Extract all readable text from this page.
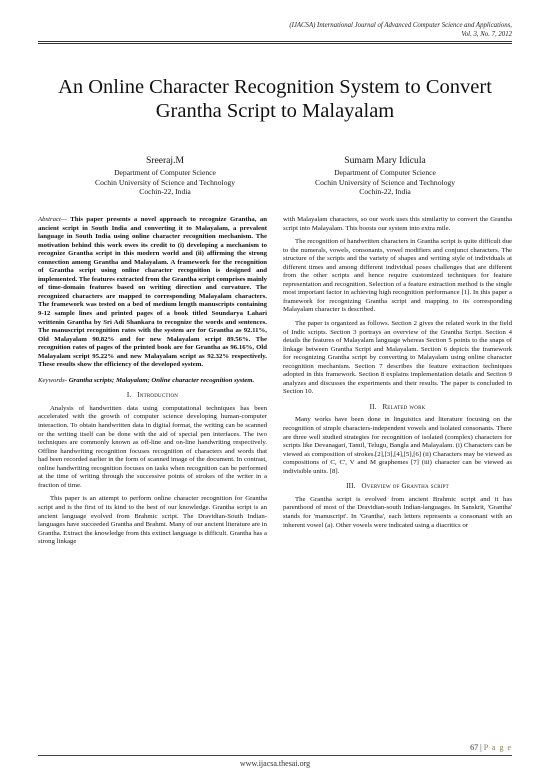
(IJACSA) International Journal of Advanced Computer Science and Applications,
Vol. 3, No. 7, 2012
An Online Character Recognition System to Convert
Grantha Script to Malayalam
Sreeraj.M
Department of Computer Science
Cochin University of Science and Technology
Cochin-22, India
Sumam Mary Idicula
Department of Computer Science
Cochin University of Science and Technology
Cochin-22, India

Abstract— This paper presents a novel approach to recognize Grantha, an ancient script in South India and converting it to Malayalam, a prevalent language in South India using online character recognition mechanism. The motivation behind this work owes its credit to (i) developing a mechanism to recognize Grantha script in this modern world and (ii) affirming the strong connection among Grantha and Malayalam. A framework for the recognition of Grantha script using online character recognition is designed and implemented. The features extracted from the Grantha script comprises mainly of time-domain features based on writing direction and curvature. The recognized characters are mapped to corresponding Malayalam characters. The framework was tested on a bed of medium length manuscripts containing 9-12 sample lines and printed pages of a book titled Soundarya Lahari writtenin Grantha by Sri Adi Shankara to recognize the words and sentences. The manuscript recognition rates with the system are for Grantha as 92.11%, Old Malayalam 90.82% and for new Malayalam script 89.56%. The recognition rates of pages of the printed book are for Grantha as 96.16%, Old Malayalam script 95.22% and new Malayalam script as 92.32% respectively. These results show the efficiency of the developed system.

Keywords- Grantha scripts; Malayalam; Online character recognition system.

I. Introduction

Analysis of handwritten data using computational techniques has been accelerated with the growth of computer science developing human-computer interaction. To obtain handwritten data in digital format, the writing can be scanned or the writing itself can be done with the aid of special pen interfaces. The two techniques are commonly known as off-line and on-line handwriting respectively. Offline handwriting recognition focuses recognition of characters and words that had been recorded earlier in the form of scanned image of the document. In contrast, online handwriting recognition focuses on tasks when recognition can be performed at the time of writing through the successive points of strokes of the writer in a fraction of time.

This paper is an attempt to perform online character recognition for Grantha script and is the first of its kind to the best of our knowledge. Grantha script is an ancient language evolved from Brahmic script. The Dravidian-South Indian-languages have succeeded Grantha and Brahmi. Many of our ancient literature are in Grantha. Extract the knowledge from this extinct language is difficult. Grantha has a strong linkage

with Malayalam characters, so our work uses this similarity to convert the Grantha script into Malayalam. This boosts our system into extra mile.

The recognition of handwritten characters in Grantha script is quite difficult due to the numerals, vowels, consonants, vowel modifiers and conjunct characters. The structure of the scripts and the variety of shapes and writing style of individuals at different times and among different individual poses challenges that are different from the other scripts and hence require customized techniques for feature representation and recognition. Selection of a feature extraction method is the single most important factor in achieving high recognition performance [1]. In this paper a framework for recognizing Grantha script and mapping to its corresponding Malayalam character is described.

The paper is organized as follows. Section 2 gives the related work in the field of Indic scripts. Section 3 portrays an overview of the Grantha Script. Section 4 details the features of Malayalam language whereas Section 5 points to the snaps of linkage between Grantha Script and Malayalam. Section 6 depicts the framework for recognizing Grantha script by converting to Malayalam using online character recognition mechanism. Section 7 describes the feature extraction techniques adopted in this framework. Section 8 explains implementation details and Section 9 analyzes and discusses the experiments and their results. The paper is concluded in Section 10.

II. Related work

Many works have been done in linguistics and literature focusing on the recognition of simple characters-independent vowels and isolated consonants. There are three well studied strategies for recognition of isolated (complex) characters for scripts like Devanagari, Tamil, Telugu, Bangla and Malayalam. (i) Characters can be viewed as composition of strokes.[2],[3],[4],[5],[6] (ii) Characters may be viewed as compositions of C, C', V and M graphemes [7] (iii) character can be viewed as indivisible units. [8].

III. Overview of Grantha script

The Grantha script is evolved from ancient Brahmic script and it has parenthood of most of the Dravidian-south Indian-languages. In Sanskrit, 'Grantha' stands for 'manuscript'. In 'Grantha', each letters represents a consonant with an inherent vowel (a). Other vowels were indicated using a diacritics or

67 | P a g e
www.ijacsa.thesai.org
